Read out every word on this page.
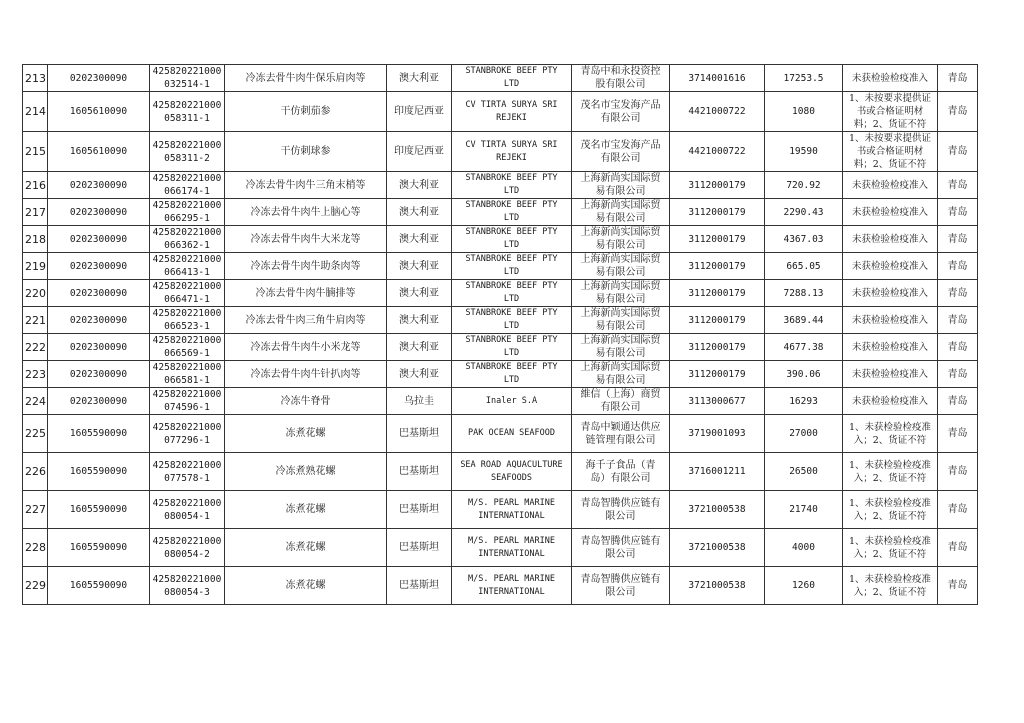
213	0202300090	425820221000
032514-1	冷冻去骨牛肉牛保乐肩肉等	澳大利亚	STANBROKE BEEF PTY
LTD	青岛中和永投资控
股有限公司	3714001616	17253.5	未获检验检疫准入	青岛
214	1605610090	425820221000
058311-1	干仿刺茄参	印度尼西亚	CV TIRTA SURYA SRI
REJEKI	茂名市宝发海产品
有限公司	4421000722	1080	1、未按要求提供证
书或合格证明材
料；2、货证不符	青岛
215	1605610090	425820221000
058311-2	干仿刺球参	印度尼西亚	CV TIRTA SURYA SRI
REJEKI	茂名市宝发海产品
有限公司	4421000722	19590	1、未按要求提供证
书或合格证明材
料；2、货证不符	青岛
216	0202300090	425820221000
066174-1	冷冻去骨牛肉牛三角末梢等	澳大利亚	STANBROKE BEEF PTY
LTD	上海新尚实国际贸
易有限公司	3112000179	720.92	未获检验检疫准入	青岛
217	0202300090	425820221000
066295-1	冷冻去骨牛肉牛上脑心等	澳大利亚	STANBROKE BEEF PTY
LTD	上海新尚实国际贸
易有限公司	3112000179	2290.43	未获检验检疫准入	青岛
218	0202300090	425820221000
066362-1	冷冻去骨牛肉牛大米龙等	澳大利亚	STANBROKE BEEF PTY
LTD	上海新尚实国际贸
易有限公司	3112000179	4367.03	未获检验检疫准入	青岛
219	0202300090	425820221000
066413-1	冷冻去骨牛肉牛助条肉等	澳大利亚	STANBROKE BEEF PTY
LTD	上海新尚实国际贸
易有限公司	3112000179	665.05	未获检验检疫准入	青岛
220	0202300090	425820221000
066471-1	冷冻去骨牛肉牛腩排等	澳大利亚	STANBROKE BEEF PTY
LTD	上海新尚实国际贸
易有限公司	3112000179	7288.13	未获检验检疫准入	青岛
221	0202300090	425820221000
066523-1	冷冻去骨牛肉三角牛肩肉等	澳大利亚	STANBROKE BEEF PTY
LTD	上海新尚实国际贸
易有限公司	3112000179	3689.44	未获检验检疫准入	青岛
222	0202300090	425820221000
066569-1	冷冻去骨牛肉牛小米龙等	澳大利亚	STANBROKE BEEF PTY
LTD	上海新尚实国际贸
易有限公司	3112000179	4677.38	未获检验检疫准入	青岛
223	0202300090	425820221000
066581-1	冷冻去骨牛肉牛针扒肉等	澳大利亚	STANBROKE BEEF PTY
LTD	上海新尚实国际贸
易有限公司	3112000179	390.06	未获检验检疫准入	青岛
224	0202300090	425820221000
074596-1	冷冻牛脊骨	乌拉圭	Inaler S.A	維信（上海）商贸
有限公司	3113000677	16293	未获检验检疫准入	青岛
225	1605590090	425820221000
077296-1	冻煮花螺	巴基斯坦	PAK OCEAN SEAFOOD	青岛中颖通达供应
链管理有限公司	3719001093	27000	1、未获检验检疫准
入；2、货证不符	青岛
226	1605590090	425820221000
077578-1	冷冻煮熟花螺	巴基斯坦	SEA ROAD AQUACULTURE
SEAFOODS	海千子食品（青
岛）有限公司	3716001211	26500	1、未获检验检疫准
入；2、货证不符	青岛
227	1605590090	425820221000
080054-1	冻煮花螺	巴基斯坦	M/S. PEARL MARINE
INTERNATIONAL	青岛智腾供应链有
限公司	3721000538	21740	1、未获检验检疫准
入；2、货证不符	青岛
228	1605590090	425820221000
080054-2	冻煮花螺	巴基斯坦	M/S. PEARL MARINE
INTERNATIONAL	青岛智腾供应链有
限公司	3721000538	4000	1、未获检验检疫准
入；2、货证不符	青岛
229	1605590090	425820221000
080054-3	冻煮花螺	巴基斯坦	M/S. PEARL MARINE
INTERNATIONAL	青岛智腾供应链有
限公司	3721000538	1260	1、未获检验检疫准
入；2、货证不符	青岛
